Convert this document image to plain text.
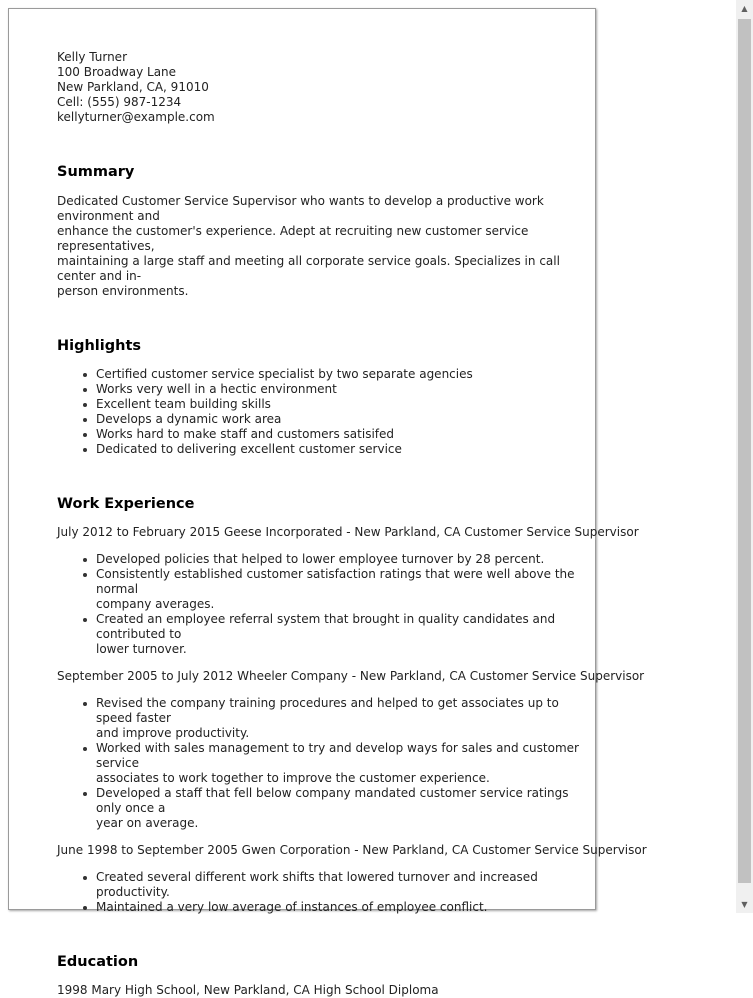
Kelly Turner
100 Broadway Lane
New Parkland, CA, 91010
Cell: (555) 987-1234
kellyturner@example.com
Summary
Dedicated Customer Service Supervisor who wants to develop a productive work environment and
enhance the customer's experience. Adept at recruiting new customer service representatives,
maintaining a large staff and meeting all corporate service goals. Specializes in call center and in-
person environments.
Highlights
Certified customer service specialist by two separate agencies
Works very well in a hectic environment
Excellent team building skills
Develops a dynamic work area
Works hard to make staff and customers satisifed
Dedicated to delivering excellent customer service
Work Experience
July 2012 to February 2015 Geese Incorporated - New Parkland, CA Customer Service Supervisor
Developed policies that helped to lower employee turnover by 28 percent.
Consistently established customer satisfaction ratings that were well above the normal
company averages.
Created an employee referral system that brought in quality candidates and contributed to
lower turnover.
September 2005 to July 2012 Wheeler Company - New Parkland, CA Customer Service Supervisor
Revised the company training procedures and helped to get associates up to speed faster
and improve productivity.
Worked with sales management to try and develop ways for sales and customer service
associates to work together to improve the customer experience.
Developed a staff that fell below company mandated customer service ratings only once a
year on average.
June 1998 to September 2005 Gwen Corporation - New Parkland, CA Customer Service Supervisor
Created several different work shifts that lowered turnover and increased productivity.
Maintained a very low average of instances of employee conflict.
Education
1998 Mary High School, New Parkland, CA High School Diploma
▲
▼
